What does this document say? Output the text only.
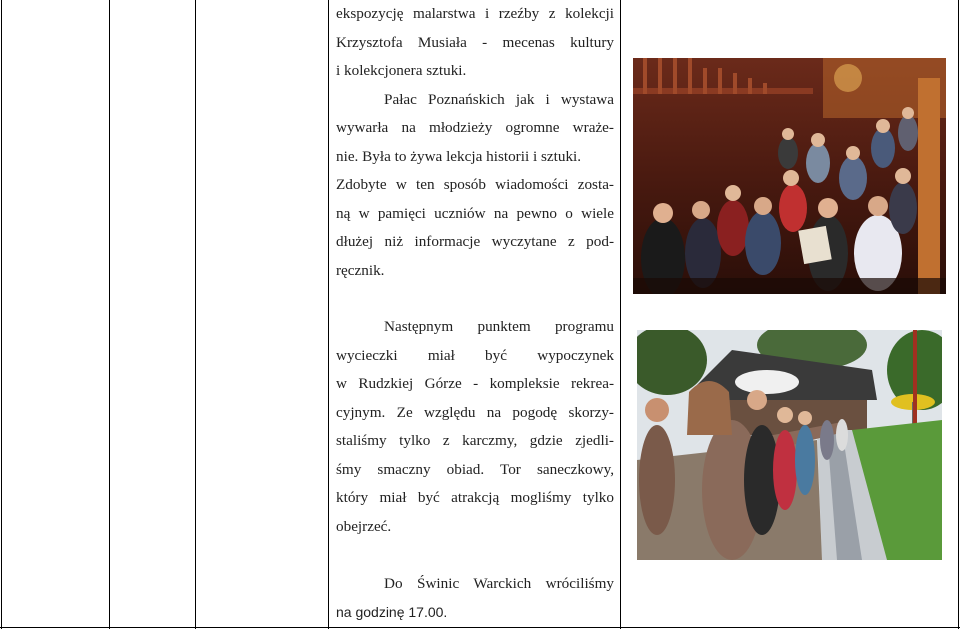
ekspozycję malarstwa i rzeźby z kolekcji
Krzysztofa Musiała - mecenas kultury
i kolekcjonera sztuki.
Pałac Poznańskich jak i wystawa
wywarła na młodzieży ogromne wraże-
nie. Była to żywa lekcja historii i sztuki.
Zdobyte w ten sposób wiadomości zosta-
ną w pamięci uczniów na pewno o wiele
dłużej niż informacje wyczytane z pod-
ręcznik.
Następnym punktem programu
wycieczki miał być wypoczynek
w Rudzkiej Górze - kompleksie rekrea-
cyjnym. Ze względu na pogodę skorzy-
staliśmy tylko z karczmy, gdzie zjedli-
śmy smaczny obiad. Tor saneczkowy,
który miał być atrakcją mogliśmy tylko
obejrzeć.
Do Świnic Warckich wróciliśmy
na godzinę 17.00.
